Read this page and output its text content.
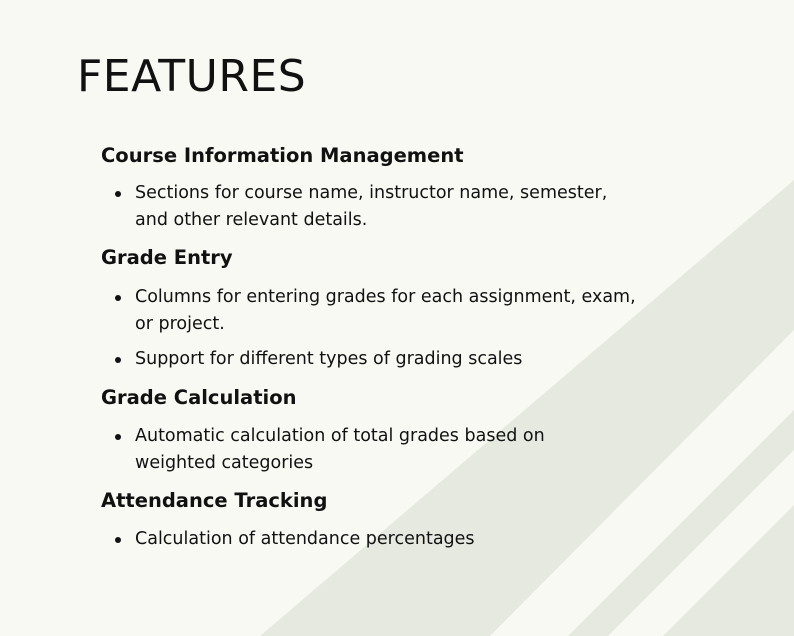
FEATURES
Course Information Management
Sections for course name, instructor name, semester,
and other relevant details.
Grade Entry
Columns for entering grades for each assignment, exam,
or project.
Support for different types of grading scales
Grade Calculation
Automatic calculation of total grades based on
weighted categories
Attendance Tracking
Calculation of attendance percentages
